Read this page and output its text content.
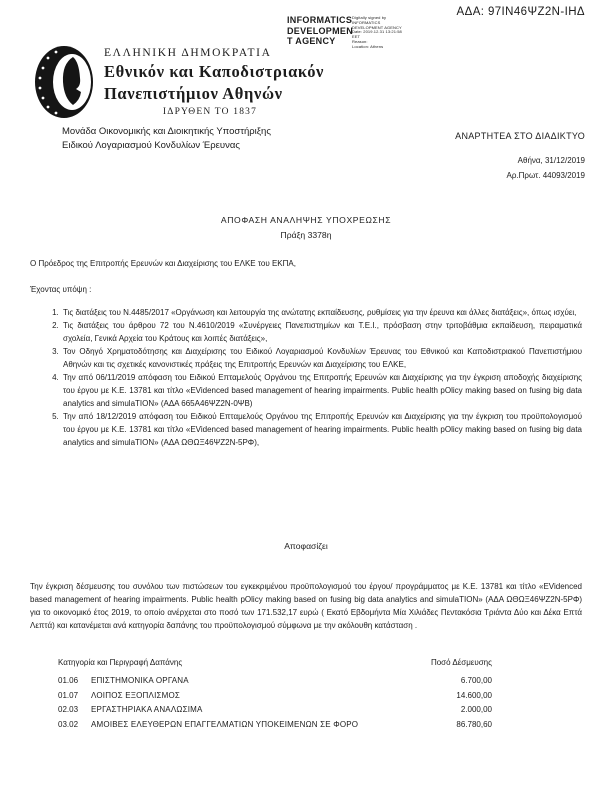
ΑΔΑ: 97ΙΝ46ΨΖ2Ν-ΙΗΔ
INFORMATICS
DEVELOPMEN
T AGENCY
Digitally signed by
INFORMATICS
DEVELOPMENT AGENCY
Date: 2019.12.31 13:21:58
EET
Reason:
Location: Athens
ΕΛΛΗΝΙΚΗ ΔΗΜΟΚΡΑΤΙΑ
Εθνικόν και Καποδιστριακόν
Πανεπιστήμιον Αθηνών
ΙΔΡΥΘΕΝ ΤΟ 1837
Μονάδα Οικονομικής και Διοικητικής Υποστήριξης
Ειδικού Λογαριασμού Κονδυλίων Έρευνας
ΑΝΑΡΤΗΤΕΑ ΣΤΟ ΔΙΑΔΙΚΤΥΟ
Αθήνα, 31/12/2019
Αρ.Πρωτ. 44093/2019
ΑΠΟΦΑΣΗ ΑΝΑΛΗΨΗΣ ΥΠΟΧΡΕΩΣΗΣ
Πράξη 3378η
Ο Πρόεδρος της Επιτροπής Ερευνών και Διαχείρισης του ΕΛΚΕ του ΕΚΠΑ,
Έχοντας υπόψη :
1. Τις διατάξεις του Ν.4485/2017 «Οργάνωση και λειτουργία της ανώτατης εκπαίδευσης, ρυθμίσεις για την έρευνα και άλλες διατάξεις», όπως ισχύει,
2. Τις διατάξεις του άρθρου 72 του Ν.4610/2019 «Συνέργειες Πανεπιστημίων και Τ.Ε.Ι., πρόσβαση στην τριτοβάθμια εκπαίδευση, πειραματικά σχολεία, Γενικά Αρχεία του Κράτους και λοιπές διατάξεις»,
3. Τον Οδηγό Χρηματοδότησης και Διαχείρισης του Ειδικού Λογαριασμού Κονδυλίων Έρευνας του Εθνικού και Καποδιστριακού Πανεπιστήμιου Αθηνών και τις σχετικές κανονιστικές πράξεις της Επιτροπής Ερευνών και Διαχείρισης του ΕΛΚΕ,
4. Την από 06/11/2019 απόφαση του Ειδικού Επταμελούς Οργάνου της Επιτροπής Ερευνών και Διαχείρισης για την έγκριση αποδοχής διαχείρισης του έργου με Κ.Ε. 13781 και τίτλο «EVidenced based management of hearing impairments. Public health pOlicy making based on fusing big data analytics and simulaTION» (ΑΔΑ 665Α46ΨΖ2Ν-0ΨΒ)
5. Την από 18/12/2019 απόφαση του Ειδικού Επταμελούς Οργάνου της Επιτροπής Ερευνών και Διαχείρισης για την έγκριση του προϋπολογισμού του έργου με Κ.Ε. 13781 και τίτλο «EVidenced based management of hearing impairments. Public health pOlicy making based on fusing big data analytics and simulaTION» (ΑΔΑ ΩΘΩΞ46ΨΖ2Ν-5ΡΦ),
Αποφασίζει
Την έγκριση δέσμευσης του συνόλου των πιστώσεων του εγκεκριμένου προϋπολογισμού του έργου/ προγράμματος με Κ.Ε. 13781 και τίτλο «EVidenced based management of hearing impairments. Public health pOlicy making based on fusing big data analytics and simulaTION» (ΑΔΑ ΩΘΩΞ46ΨΖ2Ν-5ΡΦ) για το οικονομικό έτος 2019, το οποίο ανέρχεται στο ποσό των 171.532,17 ευρώ ( Εκατό Εβδομήντα Μία Χιλιάδες Πεντακόσια Τριάντα Δύο και Δέκα Επτά Λεπτά) και κατανέμεται ανά κατηγορία δαπάνης του προϋπολογισμού σύμφωνα με την ακόλουθη κατάσταση .
Κατηγορία και Περιγραφή Δαπάνης	Ποσό Δέσμευσης
01.06	ΕΠΙΣΤΗΜΟΝΙΚΑ ΟΡΓΑΝΑ	6.700,00
01.07	ΛΟΙΠΟΣ ΕΞΟΠΛΙΣΜΟΣ	14.600,00
02.03	ΕΡΓΑΣΤΗΡΙΑΚΑ ΑΝΑΛΩΣΙΜΑ	2.000,00
03.02	ΑΜΟΙΒΕΣ ΕΛΕΥΘΕΡΩΝ ΕΠΑΓΓΕΛΜΑΤΙΩΝ ΥΠΟΚΕΙΜΕΝΩΝ ΣΕ ΦΟΡΟ	86.780,60
